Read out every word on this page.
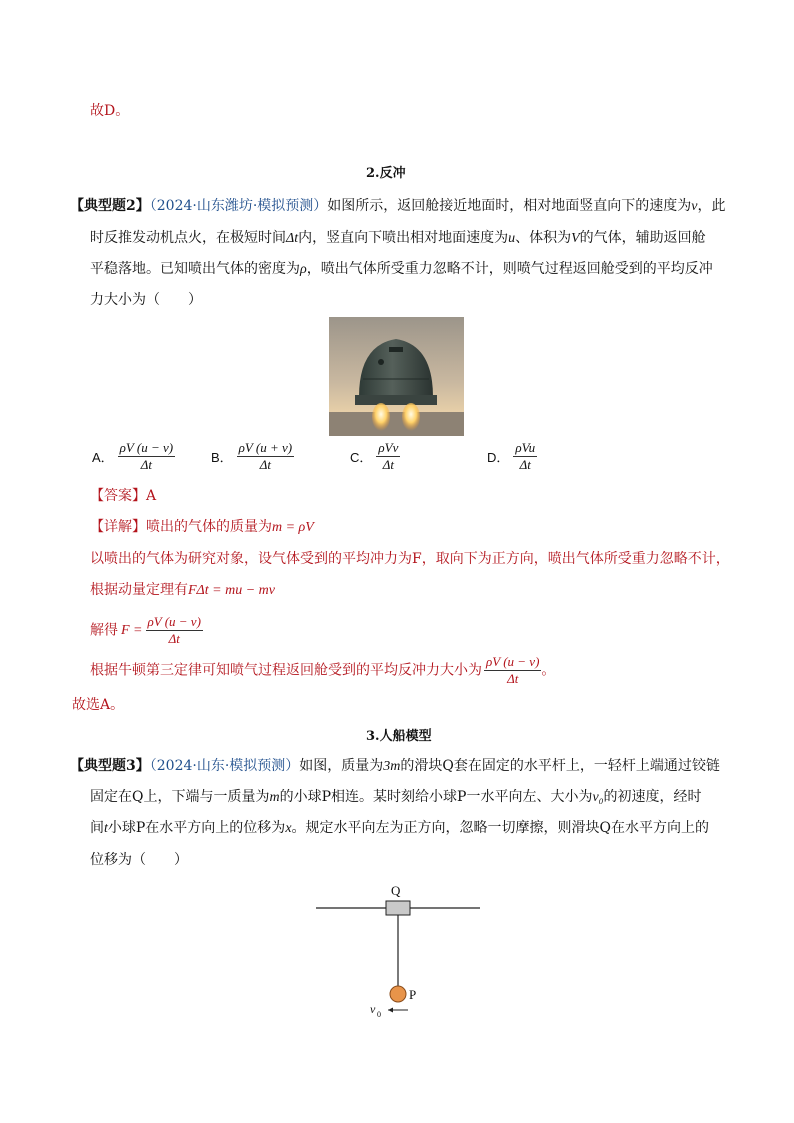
故D。
2.反冲
【典型题2】（2024·山东潍坊·模拟预测）如图所示，返回舱接近地面时，相对地面竖直向下的速度为v，此
时反推发动机点火，在极短时间Δt内，竖直向下喷出相对地面速度为u、体积为V的气体，辅助返回舱
平稳落地。已知喷出气体的密度为ρ，喷出气体所受重力忽略不计，则喷气过程返回舱受到的平均反冲
力大小为（　　）
A． $\frac{\rho V (u - v)}{\Delta t}$	B． $\frac{\rho V (u + v)}{\Delta t}$	C． $\frac{\text{ρVv}}{\Delta t}$	D． $\frac{\text{ρVu}}{\Delta t}$
【答案】A
【详解】喷出的气体的质量为m = ρV
以喷出的气体为研究对象，设气体受到的平均冲力为F，取向下为正方向，喷出气体所受重力忽略不计，
根据动量定理有FΔt = mu − mv
解得 $F = \frac{\rho V (u - v)}{\Delta t}$
根据牛顿第三定律可知喷气过程返回舱受到的平均反冲力大小为 $\frac{\rho V (u - v)}{\Delta t}$ 。
故选A。
3.人船模型
【典型题3】（2024·山东·模拟预测）如图，质量为3m的滑块Q套在固定的水平杆上，一轻杆上端通过铰链
固定在Q上，下端与一质量为m的小球P相连。某时刻给小球P一水平向左、大小为v₀的初速度，经时
间t小球P在水平方向上的位移为x。规定水平向左为正方向，忽略一切摩擦，则滑块Q在水平方向上的
位移为（　　）
Q
P
v 0
